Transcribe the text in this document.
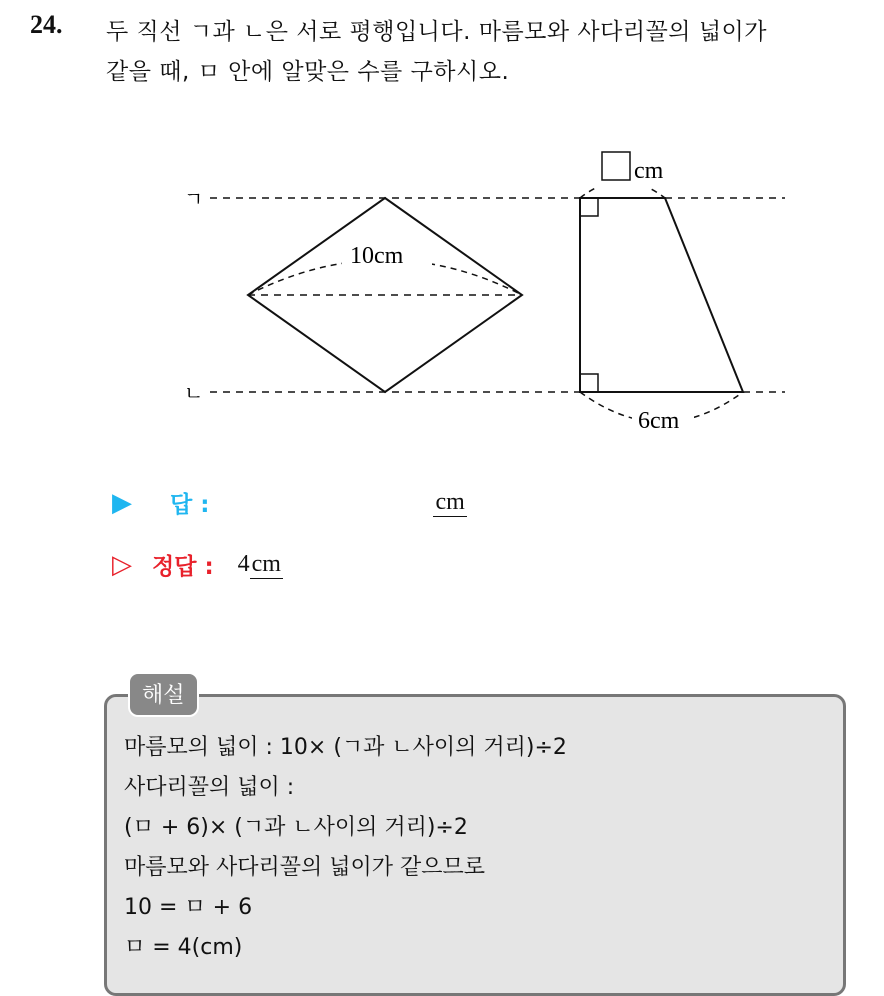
24. 두 직선 ㄱ과 ㄴ은 서로 평행입니다. 마름모와 사다리꼴의 넓이가
같을 때, ㅁ 안에 알맞은 수를 구하시오.
ㄱ
ㄴ
10cm
cm
6cm
▶	답 :	cm
▷ 정답 : 4 cm
해설
마름모의 넓이 : 10× (ㄱ과 ㄴ사이의 거리)÷2
사다리꼴의 넓이 :
(ㅁ + 6)× (ㄱ과 ㄴ사이의 거리)÷2
마름모와 사다리꼴의 넓이가 같으므로
10 = ㅁ + 6
ㅁ = 4(cm)
